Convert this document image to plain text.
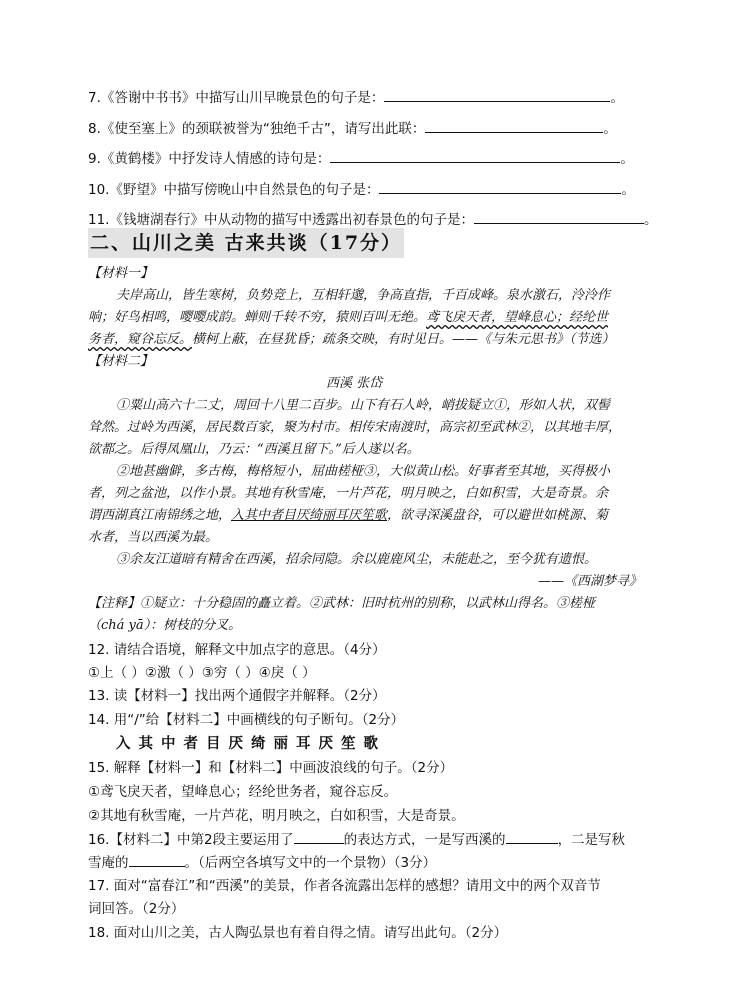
7.《答谢中书书》中描写山川早晚景色的句子是：	。
8.《使至塞上》的颈联被誉为“独绝千古”，请写出此联：	。
9.《黄鹤楼》中抒发诗人情感的诗句是：	。
10.《野望》中描写傍晚山中自然景色的句子是：	。
11.《钱塘湖春行》中从动物的描写中透露出初春景色的句子是：	。
二、山川之美 古来共谈（17分）
【材料一】
夫岸高山，皆生寒树，负势竞上，互相轩邈，争高直指，千百成峰。泉水激石，泠泠作
响；好鸟相鸣，嘤嘤成韵。蝉则千转不穷，猿则百叫无绝。鸢飞戾天者，望峰息心；经纶世
务者，窥谷忘反。横柯上蔽，在昼犹昏；疏条交映，有时见日。——《与朱元思书》（节选）
【材料二】
西溪 张岱
①粟山高六十二丈，周回十八里二百步。山下有石人岭，峭拔疑立①，形如人状，双髻
耸然。过岭为西溪，居民数百家，聚为村市。相传宋南渡时，高宗初至武林②，以其地丰厚，
欲都之。后得凤凰山，乃云：“西溪且留下。”后人遂以名。
②地甚幽僻，多古梅，梅格短小，屈曲槎桠③，大似黄山松。好事者至其地，买得极小
者，列之盆池，以作小景。其地有秋雪庵，一片芦花，明月映之，白如积雪，大是奇景。余
谓西湖真江南锦绣之地，入其中者目厌绮丽耳厌笙歌，欲寻深溪盘谷，可以避世如桃源、菊
水者，当以西溪为最。
③余友江道暗有精舍在西溪，招余同隐。余以鹿鹿风尘，未能赴之，至今犹有遗恨。
——《西湖梦寻》
【注释】①疑立：十分稳固的矗立着。②武林：旧时杭州的别称，以武林山得名。③槎桠
（chá yā）：树枝的分叉。
12. 请结合语境，解释文中加点字的意思。（4分）
①上（ ）②激（ ）③穷（ ）④戾（ ）
13. 读【材料一】找出两个通假字并解释。（2分）
14. 用“/”给【材料二】中画横线的句子断句。（2分）
入其中者目厌绮丽耳厌笙歌
15. 解释【材料一】和【材料二】中画波浪线的句子。（2分）
①鸢飞戾天者，望峰息心；经纶世务者，窥谷忘反。
②其地有秋雪庵，一片芦花，明月映之，白如积雪，大是奇景。
16.【材料二】中第2段主要运用了	的表达方式，一是写西溪的	，二是写秋
雪庵的	。（后两空各填写文中的一个景物）（3分）
17. 面对“富春江”和“西溪”的美景，作者各流露出怎样的感想？请用文中的两个双音节
词回答。（2分）
18. 面对山川之美，古人陶弘景也有着自得之情。请写出此句。（2分）
